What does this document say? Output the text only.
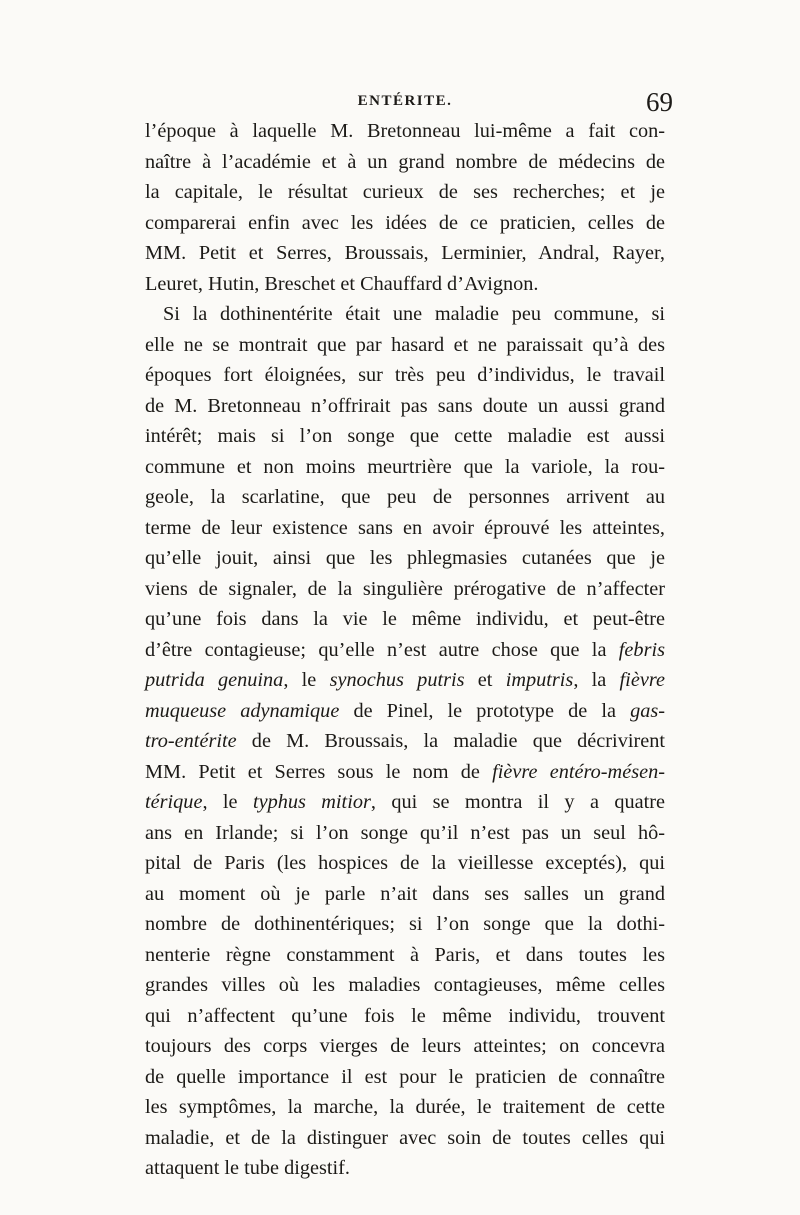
ENTÉRITE.	69
l’époque à laquelle M. Bretonneau lui-même a fait con-
naître à l’académie et à un grand nombre de médecins de
la capitale, le résultat curieux de ses recherches; et je
comparerai enfin avec les idées de ce praticien, celles de
MM. Petit et Serres, Broussais, Lerminier, Andral, Rayer,
Leuret, Hutin, Breschet et Chauffard d’Avignon.
Si la dothinentérite était une maladie peu commune, si
elle ne se montrait que par hasard et ne paraissait qu’à des
époques fort éloignées, sur très peu d’individus, le travail
de M. Bretonneau n’offrirait pas sans doute un aussi grand
intérêt; mais si l’on songe que cette maladie est aussi
commune et non moins meurtrière que la variole, la rou-
geole, la scarlatine, que peu de personnes arrivent au
terme de leur existence sans en avoir éprouvé les atteintes,
qu’elle jouit, ainsi que les phlegmasies cutanées que je
viens de signaler, de la singulière prérogative de n’affecter
qu’une fois dans la vie le même individu, et peut-être
d’être contagieuse; qu’elle n’est autre chose que la febris
putrida genuina, le synochus putris et imputris, la fièvre
muqueuse adynamique de Pinel, le prototype de la gas-
tro-entérite de M. Broussais, la maladie que décrivirent
MM. Petit et Serres sous le nom de fièvre entéro-mésen-
térique, le typhus mitior, qui se montra il y a quatre
ans en Irlande; si l’on songe qu’il n’est pas un seul hô-
pital de Paris (les hospices de la vieillesse exceptés), qui
au moment où je parle n’ait dans ses salles un grand
nombre de dothinentériques; si l’on songe que la dothi-
nenterie règne constamment à Paris, et dans toutes les
grandes villes où les maladies contagieuses, même celles
qui n’affectent qu’une fois le même individu, trouvent
toujours des corps vierges de leurs atteintes; on concevra
de quelle importance il est pour le praticien de connaître
les symptômes, la marche, la durée, le traitement de cette
maladie, et de la distinguer avec soin de toutes celles qui
attaquent le tube digestif.
